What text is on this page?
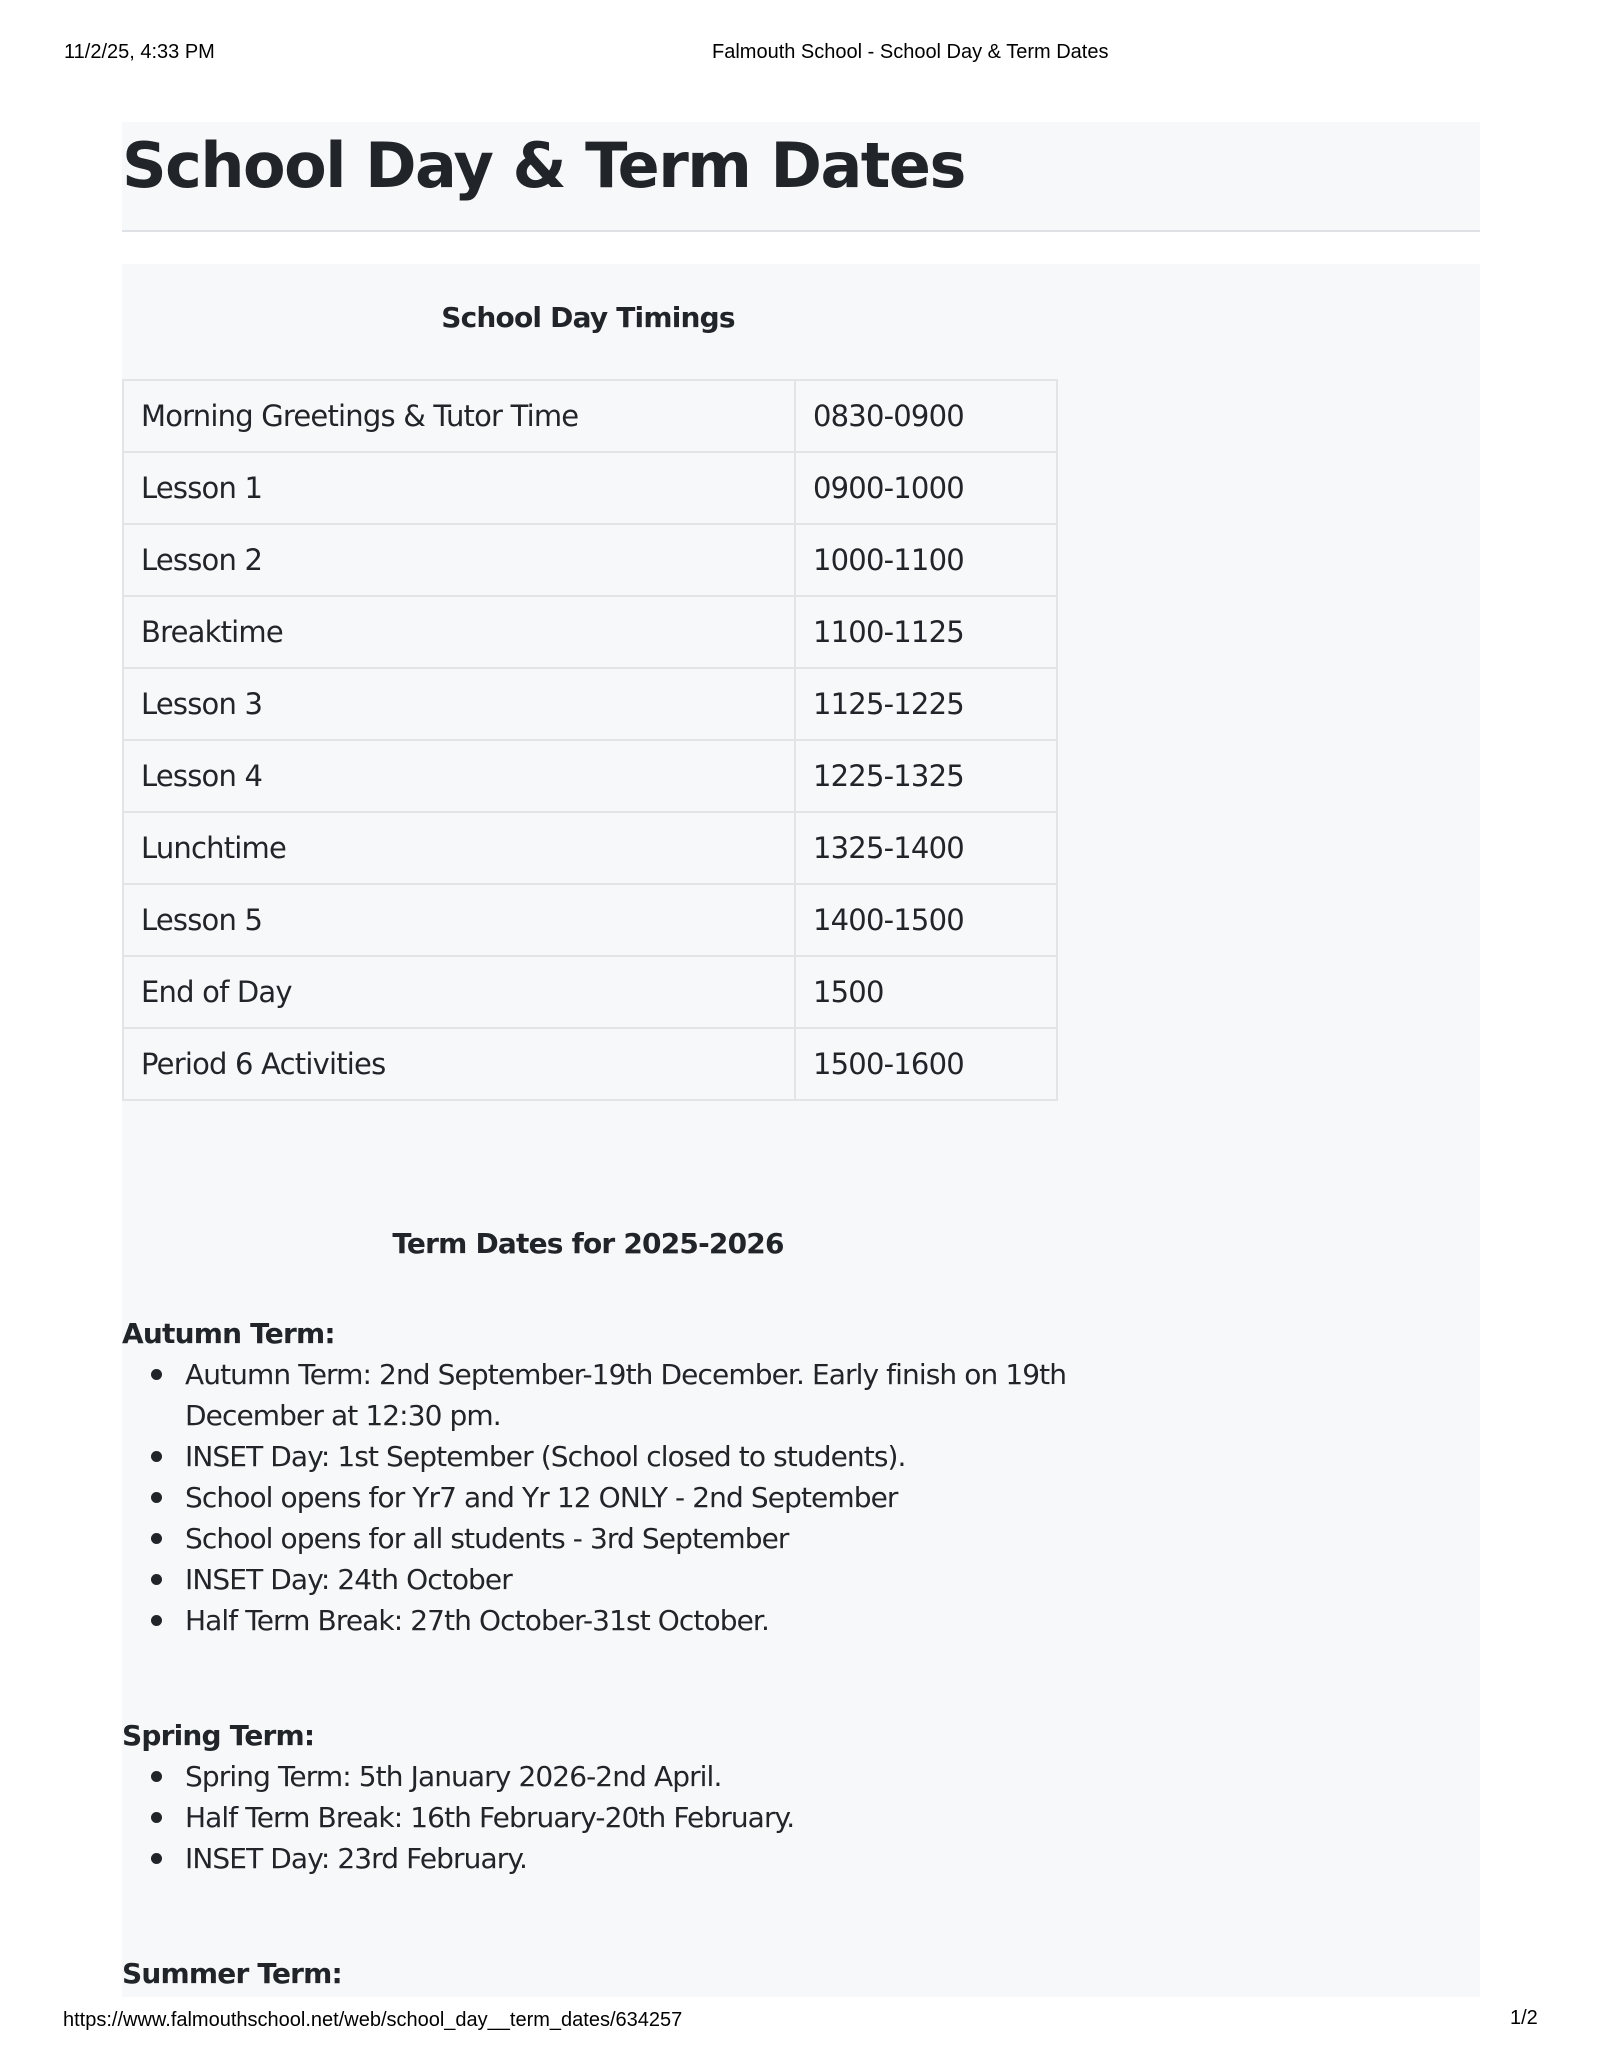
11/2/25, 4:33 PM	Falmouth School - School Day & Term Dates
School Day & Term Dates
School Day Timings
Morning Greetings & Tutor Time	0830-0900
Lesson 1	0900-1000
Lesson 2	1000-1100
Breaktime	1100-1125
Lesson 3	1125-1225
Lesson 4	1225-1325
Lunchtime	1325-1400
Lesson 5	1400-1500
End of Day	1500
Period 6 Activities	1500-1600
Term Dates for 2025-2026
Autumn Term:
Autumn Term: 2nd September-19th December. Early finish on 19th December at 12:30 pm.
INSET Day: 1st September (School closed to students).
School opens for Yr7 and Yr 12 ONLY - 2nd September
School opens for all students - 3rd September
INSET Day: 24th October
Half Term Break: 27th October-31st October.
Spring Term:
Spring Term: 5th January 2026-2nd April.
Half Term Break: 16th February-20th February.
INSET Day: 23rd February.
Summer Term:
https://www.falmouthschool.net/web/school_day__term_dates/634257	1/2
